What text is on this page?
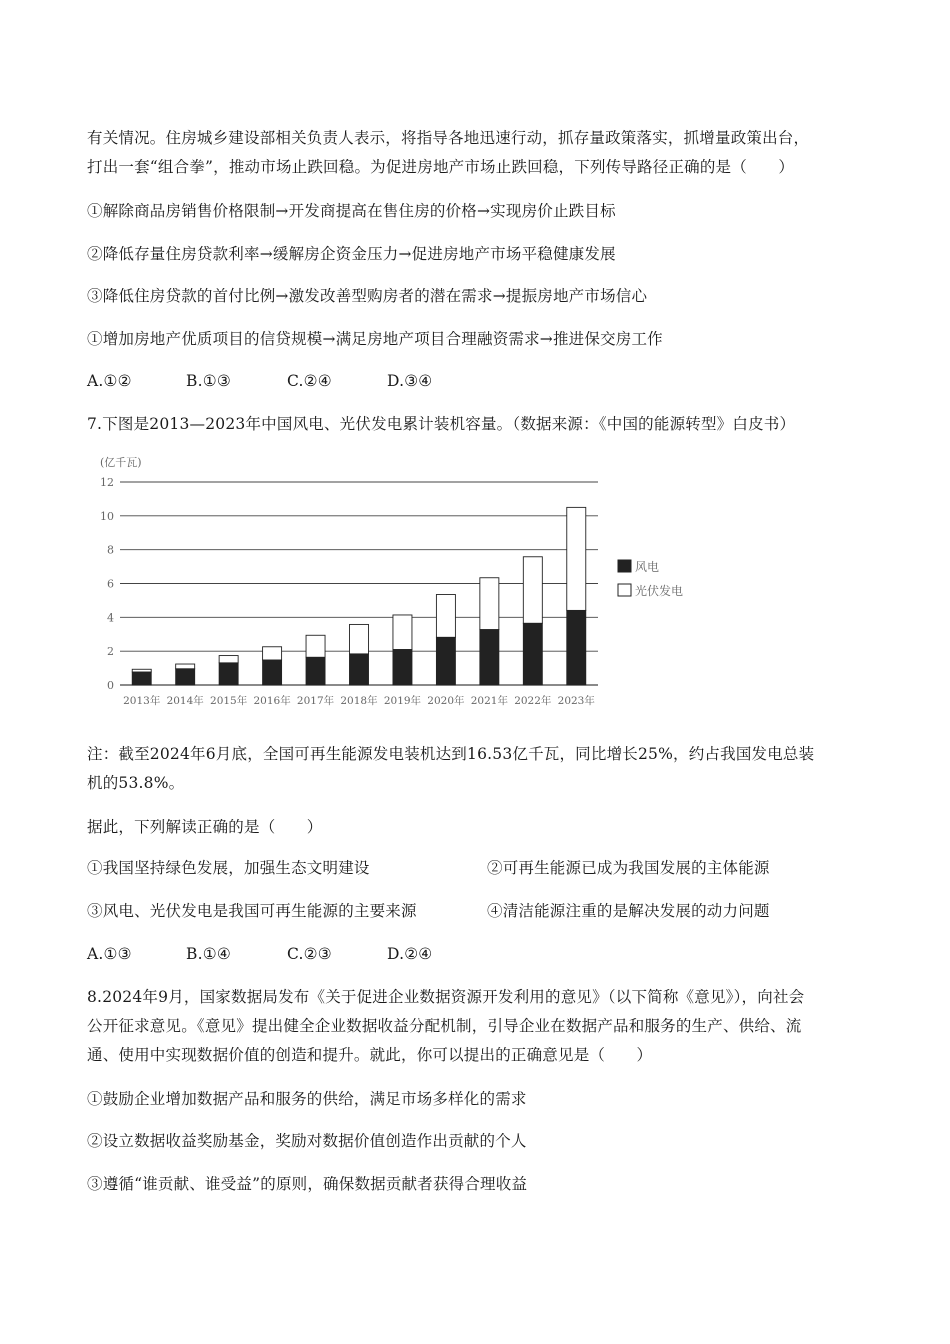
有关情况。住房城乡建设部相关负责人表示，将指导各地迅速行动，抓存量政策落实，抓增量政策出台，
打出一套“组合拳”，推动市场止跌回稳。为促进房地产市场止跌回稳，下列传导路径正确的是（　　）
①解除商品房销售价格限制→开发商提高在售住房的价格→实现房价止跌目标
②降低存量住房贷款利率→缓解房企资金压力→促进房地产市场平稳健康发展
③降低住房贷款的首付比例→激发改善型购房者的潜在需求→提振房地产市场信心
①增加房地产优质项目的信贷规模→满足房地产项目合理融资需求→推进保交房工作
A.①②	B.①③	C.②④	D.③④
7.下图是2013—2023年中国风电、光伏发电累计装机容量。（数据来源：《中国的能源转型》白皮书）
(亿千瓦)
0
2
4
6
8
10
12
2013年 2014年 2015年 2016年 2017年 2018年 2019年 2020年 2021年 2022年 2023年
风电
光伏发电
注：截至2024年6月底，全国可再生能源发电装机达到16.53亿千瓦，同比增长25%，约占我国发电总装
机的53.8%。
据此，下列解读正确的是（　　）
①我国坚持绿色发展，加强生态文明建设	②可再生能源已成为我国发展的主体能源
③风电、光伏发电是我国可再生能源的主要来源	④清洁能源注重的是解决发展的动力问题
A.①③	B.①④	C.②③	D.②④
8.2024年9月，国家数据局发布《关于促进企业数据资源开发利用的意见》（以下简称《意见》），向社会
公开征求意见。《意见》提出健全企业数据收益分配机制，引导企业在数据产品和服务的生产、供给、流
通、使用中实现数据价值的创造和提升。就此，你可以提出的正确意见是（　　）
①鼓励企业增加数据产品和服务的供给，满足市场多样化的需求
②设立数据收益奖励基金，奖励对数据价值创造作出贡献的个人
③遵循“谁贡献、谁受益”的原则，确保数据贡献者获得合理收益
